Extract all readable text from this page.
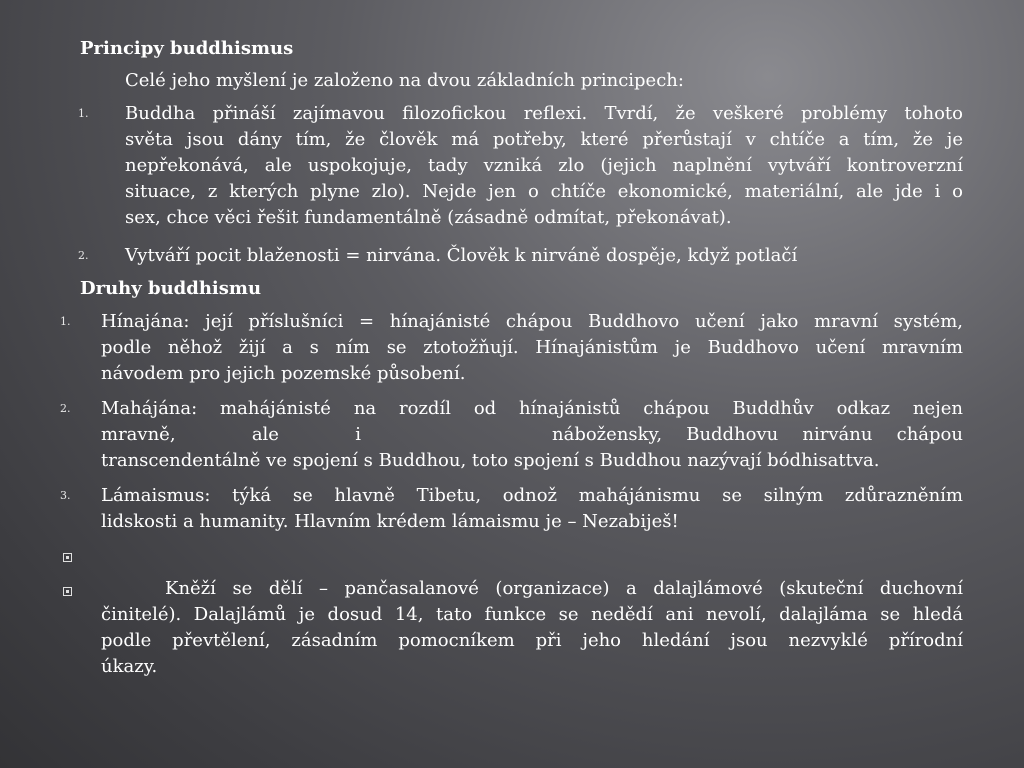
Principy buddhismus
Celé jeho myšlení je založeno na dvou základních principech:
1. Buddha přináší zajímavou filozofickou reflexi. Tvrdí, že veškeré problémy tohoto
světa jsou dány tím, že člověk má potřeby, které přerůstají v chtíče a tím, že je
nepřekonává, ale uspokojuje, tady vzniká zlo (jejich naplnění vytváří kontroverzní
situace, z kterých plyne zlo). Nejde jen o chtíče ekonomické, materiální, ale jde i o
sex, chce věci řešit fundamentálně (zásadně odmítat, překonávat).
2. Vytváří pocit blaženosti = nirvána. Člověk k nirváně dospěje, když potlačí
Druhy buddhismu
1. Hínajána: její příslušníci = hínajánisté chápou Buddhovo učení jako mravní systém,
podle něhož žijí a s ním se ztotožňují. Hínajánistům je Buddhovo učení mravním
návodem pro jejich pozemské působení.
2. Mahájána: mahájánisté na rozdíl od hínajánistů chápou Buddhův odkaz nejen
mravně, ale i
transcendentálně ve spojení s Buddhou, toto spojení s Buddhou nazývají bódhisattva.
nábožensky, Buddhovu nirvánu chápou
3. Lámaismus: týká se hlavně Tibetu, odnož mahájánismu se silným zdůrazněním
lidskosti a humanity. Hlavním krédem lámaismu je – Nezabiješ!
Kněží se dělí – pančasalanové (organizace) a dalajlámové (skuteční duchovní
činitelé). Dalajlámů je dosud 14, tato funkce se nedědí ani nevolí, dalajláma se hledá
podle převtělení, zásadním pomocníkem při jeho hledání jsou nezvyklé přírodní
úkazy.
